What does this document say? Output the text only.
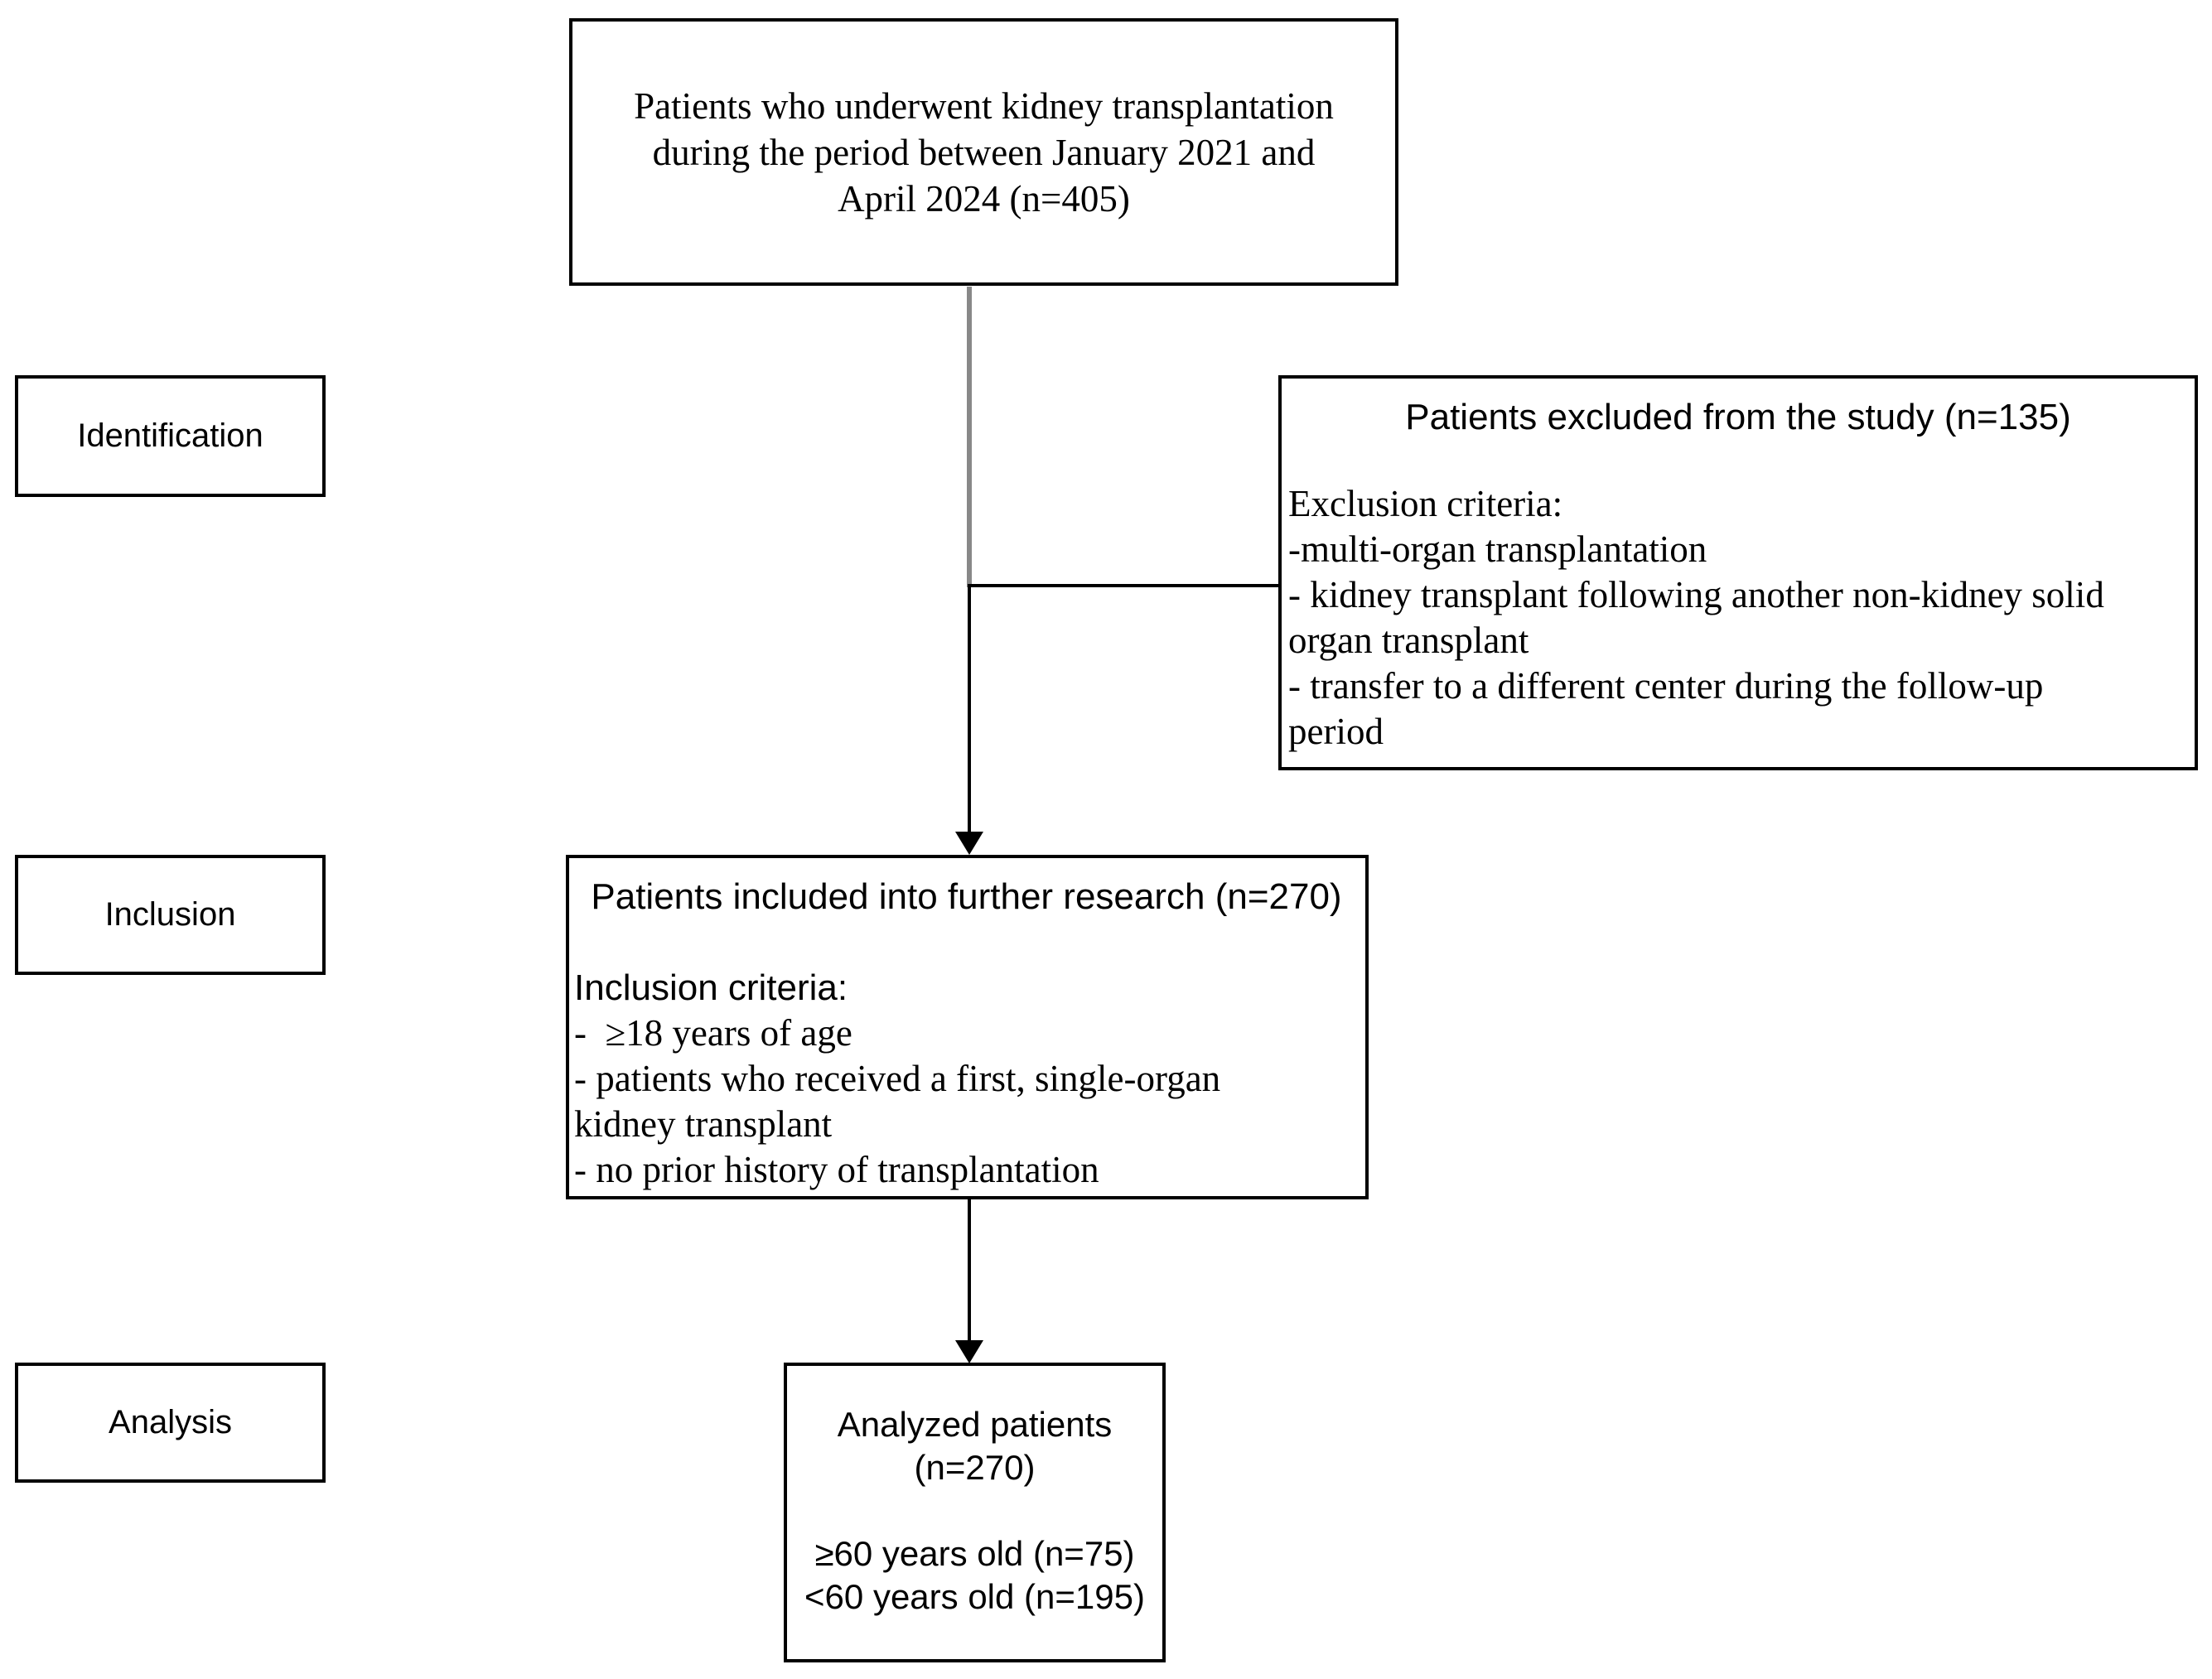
Patients who underwent kidney transplantation
during the period between January 2021 and
April 2024 (n=405)
Identification
Inclusion
Analysis
Patients excluded from the study (n=135)
Exclusion criteria:
-multi-organ transplantation
- kidney transplant following another non-kidney solid
organ transplant
- transfer to a different center during the follow-up
period
Patients included into further research (n=270)
Inclusion criteria:
-  ≥18 years of age
- patients who received a first, single-organ
kidney transplant
- no prior history of transplantation
Analyzed patients
(n=270)

≥60 years old (n=75)
<60 years old (n=195)
